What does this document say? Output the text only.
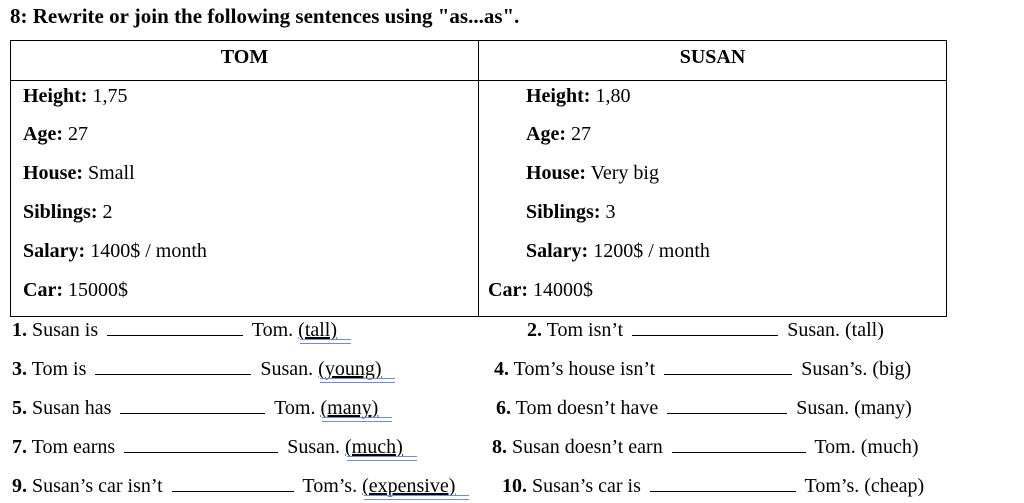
8: Rewrite or join the following sentences using "as...as".
TOM	SUSAN
Height: 1,75
Age: 27
House: Small
Siblings: 2
Salary: 1400$ / month
Car: 15000$
Height: 1,80
Age: 27
House: Very big
Siblings: 3
Salary: 1200$ / month
Car: 14000$
1. Susan is	Tom. (tall)
3. Tom is	Susan. (young)
5. Susan has	Tom. (many)
7. Tom earns	Susan. (much)
9. Susan’s car isn’t	Tom’s. (expensive)
2. Tom isn’t	Susan. (tall)
4. Tom’s house isn’t	Susan’s. (big)
6. Tom doesn’t have	Susan. (many)
8. Susan doesn’t earn	Tom. (much)
10. Susan’s car is	Tom’s. (cheap)
